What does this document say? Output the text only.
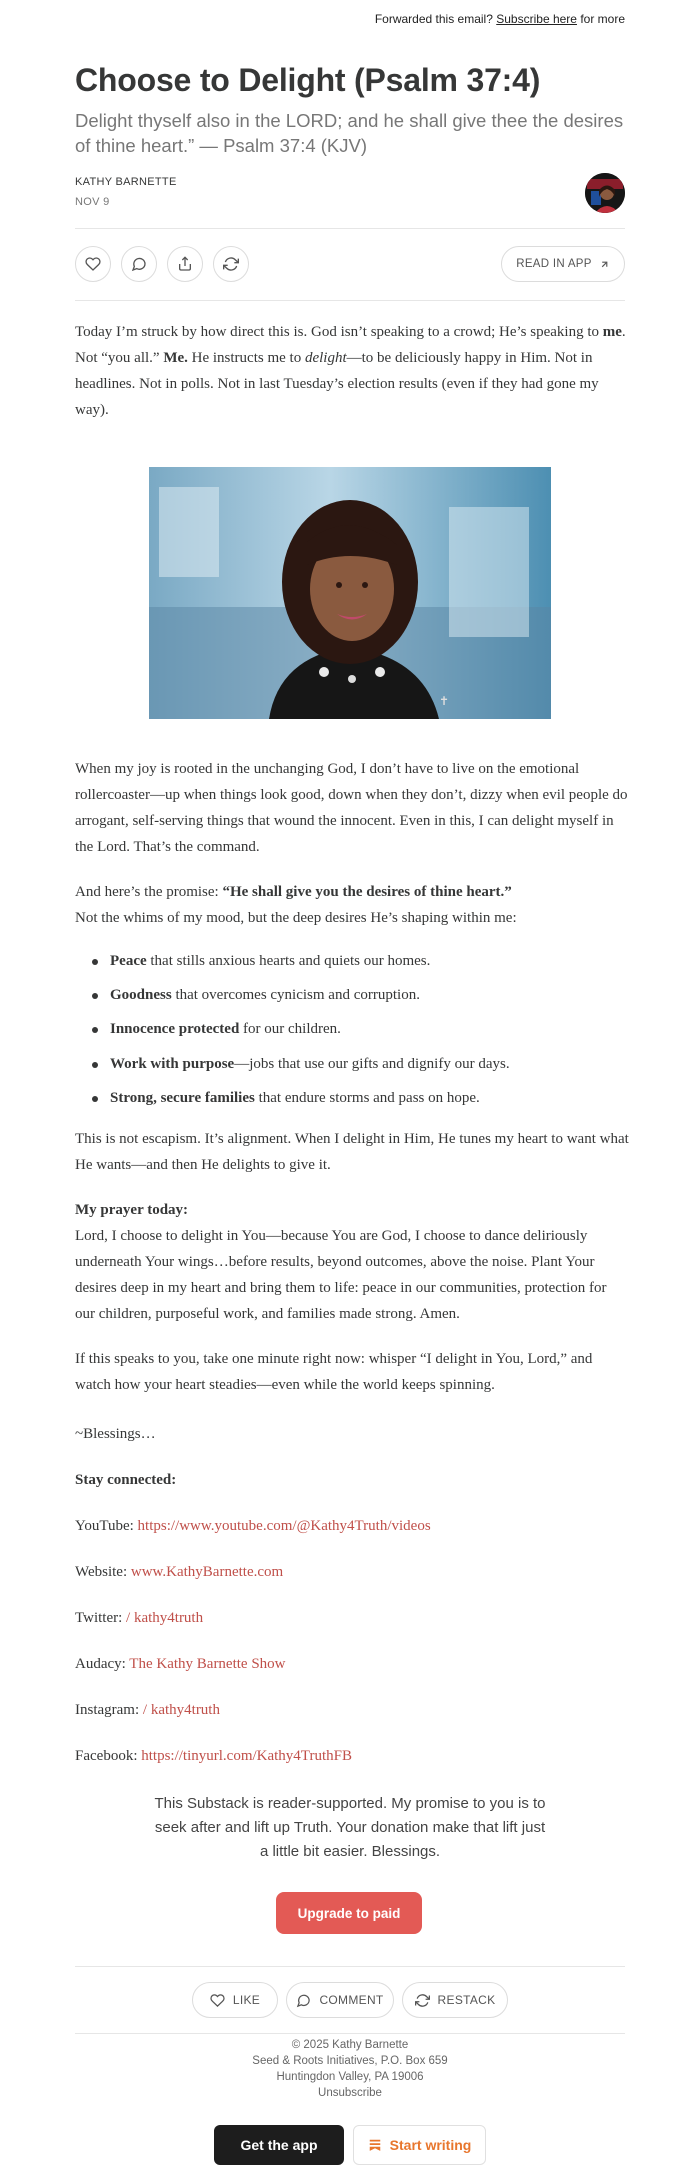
Forwarded this email? Subscribe here for more
Choose to Delight (Psalm 37:4)
Delight thyself also in the LORD; and he shall give thee the desires of thine heart.” — Psalm 37:4 (KJV)
KATHY BARNETTE
NOV 9
READ IN APP

Today I’m struck by how direct this is. God isn’t speaking to a crowd; He’s speaking to me. Not “you all.” Me. He instructs me to delight—to be deliciously happy in Him. Not in headlines. Not in polls. Not in last Tuesday’s election results (even if they had gone my way).

✝

When my joy is rooted in the unchanging God, I don’t have to live on the emotional rollercoaster—up when things look good, down when they don’t, dizzy when evil people do arrogant, self-serving things that wound the innocent. Even in this, I can delight myself in the Lord. That’s the command.

And here’s the promise: “He shall give you the desires of thine heart.”

Not the whims of my mood, but the deep desires He’s shaping within me:

Peace that stills anxious hearts and quiets our homes.
Goodness that overcomes cynicism and corruption.
Innocence protected for our children.
Work with purpose—jobs that use our gifts and dignify our days.
Strong, secure families that endure storms and pass on hope.

This is not escapism. It’s alignment. When I delight in Him, He tunes my heart to want what He wants—and then He delights to give it.

My prayer today:

Lord, I choose to delight in You—because You are God, I choose to dance deliriously underneath Your wings…before results, beyond outcomes, above the noise. Plant Your desires deep in my heart and bring them to life: peace in our communities, protection for our children, purposeful work, and families made strong. Amen.

If this speaks to you, take one minute right now: whisper “I delight in You, Lord,” and watch how your heart steadies—even while the world keeps spinning.

~Blessings…

Stay connected:

YouTube: https://www.youtube.com/@Kathy4Truth/videos

Website: www.KathyBarnette.com

Twitter: / kathy4truth

Audacy: The Kathy Barnette Show

Instagram: / kathy4truth

Facebook: https://tinyurl.com/Kathy4TruthFB

This Substack is reader-supported. My promise to you is to seek after and lift up Truth. Your donation make that lift just a little bit easier. Blessings.
Upgrade to paid
LIKE	COMMENT	RESTACK
© 2025 Kathy Barnette
Seed & Roots Initiatives, P.O. Box 659
Huntingdon Valley, PA 19006
Unsubscribe
Get the app	Start writing
